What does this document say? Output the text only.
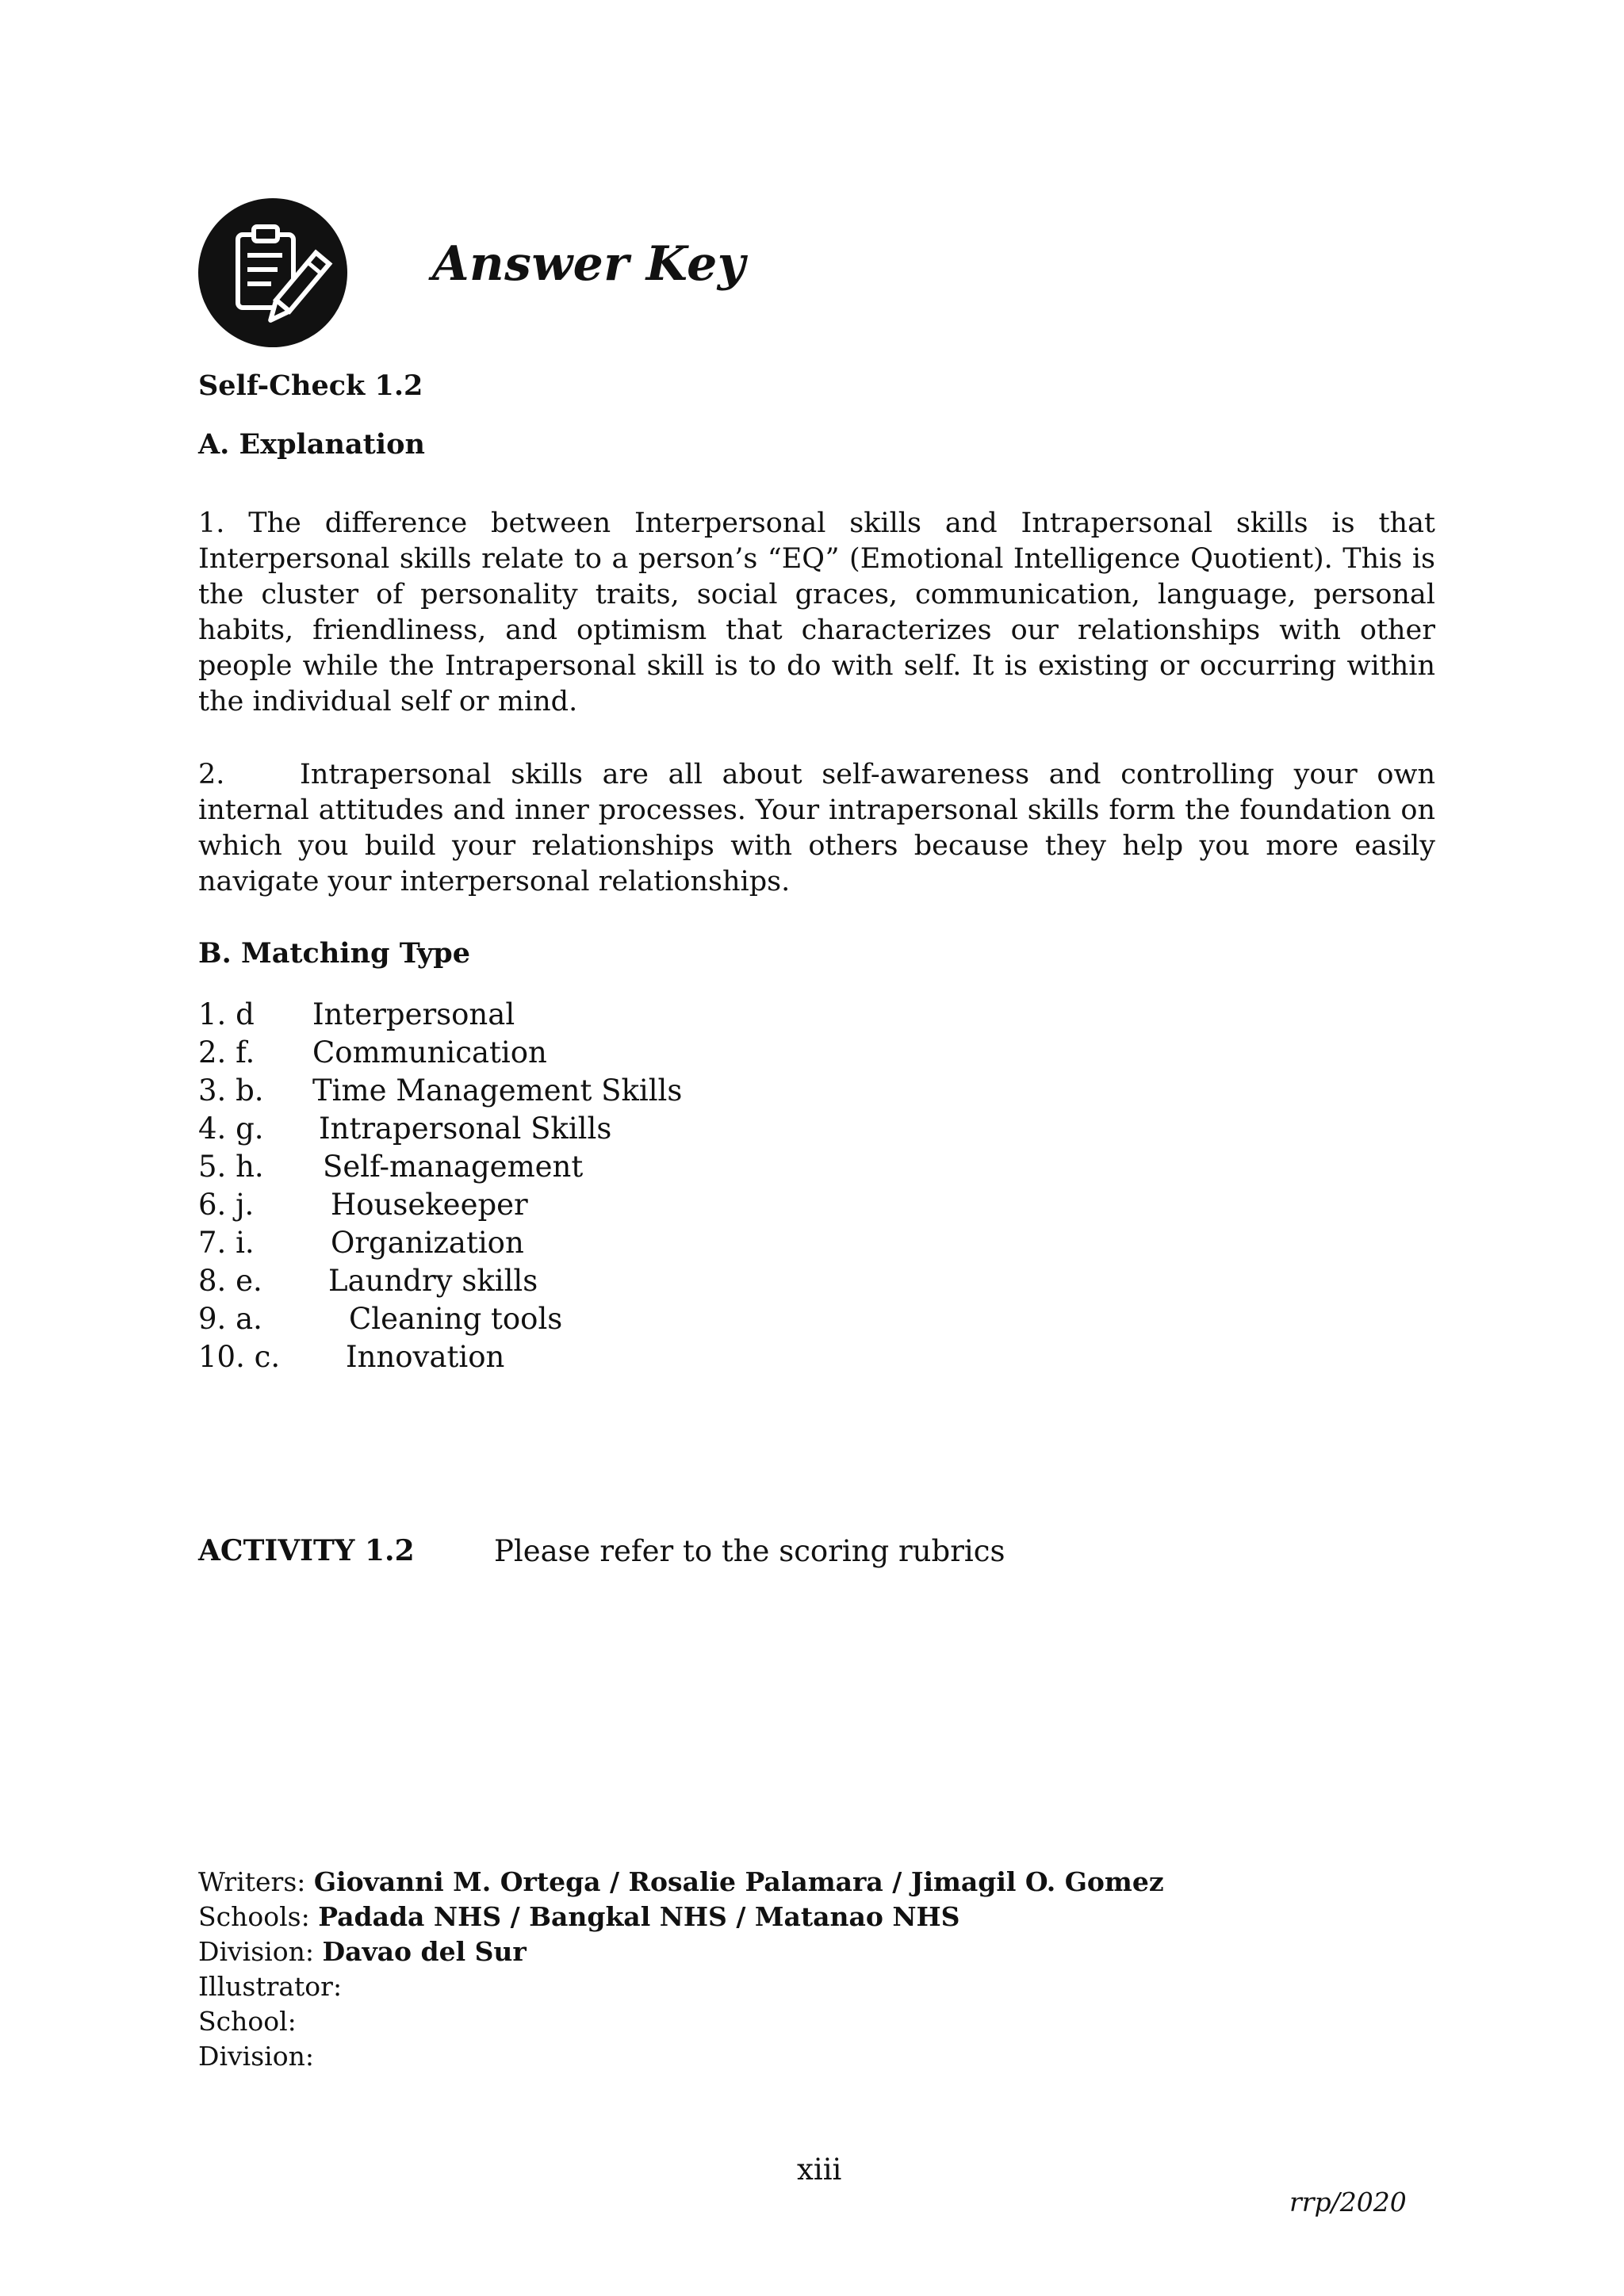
Answer Key

Self-Check 1.2

A. Explanation

1. The difference between Interpersonal skills and Intrapersonal skills is that Interpersonal skills relate to a person’s “EQ” (Emotional Intelligence Quotient). This is the cluster of personality traits, social graces, communication, language, personal habits, friendliness, and optimism that characterizes our relationships with other people while the Intrapersonal skill is to do with self. It is existing or occurring within the individual self or mind.

2.	Intrapersonal skills are all about self-awareness and controlling your own internal attitudes and inner processes. Your intrapersonal skills form the foundation on which you build your relationships with others because they help you more easily navigate your interpersonal relationships.

B. Matching Type

1. d Interpersonal
2. f. Communication
3. b. Time Management Skills
4. g. Intrapersonal Skills
5. h. Self-management
6. j.	Housekeeper
7. i.	Organization
8. e. Laundry skills
9. a.	Cleaning tools
10. c. Innovation
ACTIVITY 1.2	Please refer to the scoring rubrics
Writers: Giovanni M. Ortega / Rosalie Palamara / Jimagil O. Gomez
Schools: Padada NHS / Bangkal NHS / Matanao NHS
Division: Davao del Sur
Illustrator:
School:
Division:
xiii
rrp/2020
